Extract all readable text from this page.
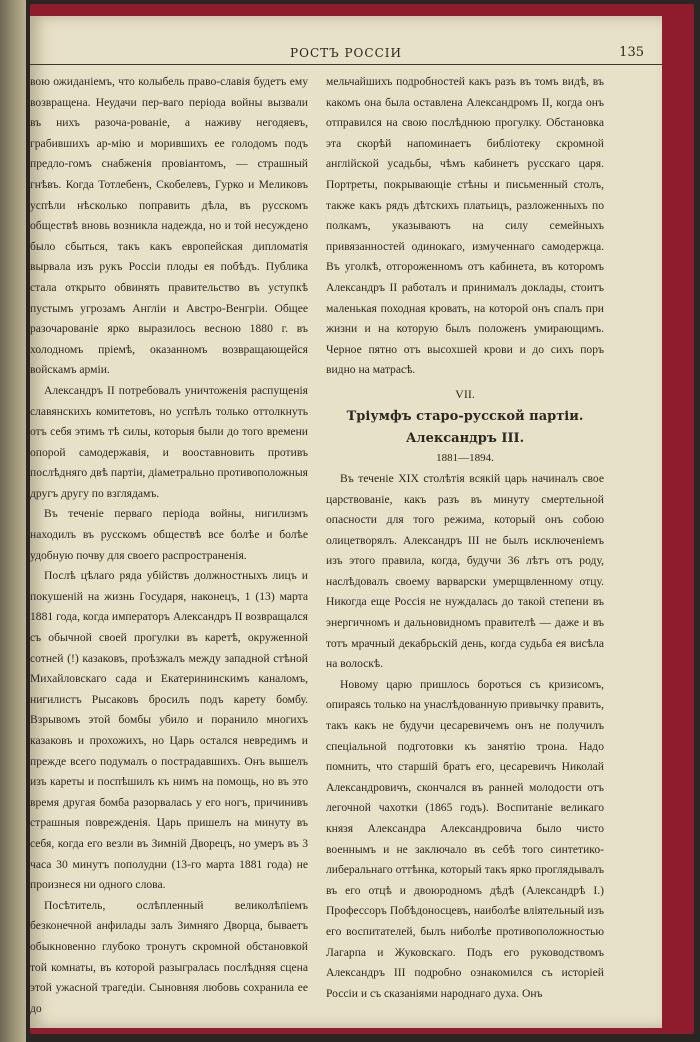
РОСТЪ РОССІИ	135

вою ожиданіемъ, что колыбель право-славія будетъ ему возвращена. Неудачи пер-ваго періода войны вызвали въ нихъ разоча-рованіе, а наживу негодяевъ, грабившихъ ар-мію и морившихъ ее голодомъ подъ предло-гомъ снабженія провіантомъ, — страшный гнѣвъ. Когда Тотлебенъ, Скобелевъ, Гурко и Меликовъ успѣли нѣсколько поправить дѣла, въ русскомъ обществѣ вновь возникла надежда, но и той несуждено было сбыться, такъ какъ европейская дипломатія вырвала изъ рукъ Россіи плоды ея побѣдъ. Публика стала открыто обвинять правительство въ уступкѣ пустымъ угрозамъ Англіи и Австро-Венгріи. Общее разочарованіе ярко выразилось весною 1880 г. въ холодномъ пріемѣ, оказанномъ возвращающейся войскамъ арміи.

Александръ II потребовалъ уничтоженія распущенія славянскихъ комитетовъ, но успѣлъ только оттолкнуть отъ себя этимъ тѣ силы, которыя были до того времени опорой самодержавія, и вооставновить противъ послѣдняго двѣ партіи, діаметрально противоположныя другъ другу по взглядамъ.

Въ теченіе перваго періода войны, нигилизмъ находилъ въ русскомъ обществѣ все болѣе и болѣе удобную почву для своего распространенія.

Послѣ цѣлаго ряда убійствъ должностныхъ лицъ и покушеній на жизнь Государя, наконецъ, 1 (13) марта 1881 года, когда императоръ Александръ II возвращался съ обычной своей прогулки въ каретѣ, окруженной сотней (!) казаковъ, проѣзжалъ между западной стѣной Михайловскаго сада и Екатерининскимъ каналомъ, нигилистъ Рысаковъ бросилъ подъ карету бомбу. Взрывомъ этой бомбы убило и поранило многихъ казаковъ и прохожихъ, но Царь остался невредимъ и прежде всего подумалъ о пострадавшихъ. Онъ вышелъ изъ кареты и поспѣшилъ къ нимъ на помощь, но въ это время другая бомба разорвалась у его ногъ, причинивъ страшныя поврежденія. Царь пришелъ на минуту въ себя, когда его везли въ Зимній Дворецъ, но умеръ въ 3 часа 30 минутъ пополудни (13-го марта 1881 года) не произнеся ни одного слова.

Посѣтитель, ослѣпленный великолѣпіемъ безконечной анфилады залъ Зимняго Дворца, бываетъ обыкновенно глубоко тронутъ скромной обстановкой той комнаты, въ которой разыгралась послѣдняя сцена этой ужасной трагедіи. Сыновняя любовь сохранила ее до

мельчайшихъ подробностей какъ разъ въ томъ видѣ, въ какомъ она была оставлена Александромъ II, когда онъ отправился на свою послѣднюю прогулку. Обстановка эта скорѣй напоминаетъ библіотеку скромной англійской усадьбы, чѣмъ кабинетъ русскаго царя. Портреты, покрывающіе стѣны и письменный столъ, также какъ рядъ дѣтскихъ платьицъ, разложенныхъ по полкамъ, указываютъ на силу семейныхъ привязанностей одинокаго, измученнаго самодержца. Въ уголкѣ, отгороженномъ отъ кабинета, въ которомъ Александръ II работалъ и принималъ доклады, стоитъ маленькая походная кровать, на которой онъ спалъ при жизни и на которую былъ положенъ умирающимъ. Черное пятно отъ высохшей крови и до сихъ поръ видно на матрасѣ.

VII.
Тріумфъ старо-русской партіи.
Александръ III.
1881—1894.

Въ теченіе XIX столѣтія всякій царь начиналъ свое царствованіе, какъ разъ въ минуту смертельной опасности для того режима, который онъ собою олицетворялъ. Александръ III не былъ исключеніемъ изъ этого правила, когда, будучи 36 лѣтъ отъ роду, наслѣдовалъ своему варварски умерщвленному отцу. Никогда еще Россія не нуждалась до такой степени въ энергичномъ и дальновидномъ правителѣ — даже и въ тотъ мрачный декабрьскій день, когда судьба ея висѣла на волоскѣ.

Новому царю пришлось бороться съ кризисомъ, опираясь только на унаслѣдованную привычку править, такъ какъ не будучи цесаревичемъ онъ не получилъ спеціальной подготовки къ занятію трона. Надо помнить, что старшій братъ его, цесаревичъ Николай Александровичъ, скончался въ ранней молодости отъ легочной чахотки (1865 годъ). Воспитаніе великаго князя Александра Александровича было чисто военнымъ и не заключало въ себѣ того синтетико-либеральнаго оттѣнка, который такъ ярко проглядывалъ въ его отцѣ и двоюродномъ дѣдѣ (Александрѣ I.) Профессоръ Побѣдоносцевъ, наиболѣе вліятельный изъ его воспитателей, былъ ниболѣе противоположностью Лагарпа и Жуковскаго. Подъ его руководствомъ Александръ III подробно ознакомился съ исторіей Россіи и съ сказаніями народнаго духа. Онъ
